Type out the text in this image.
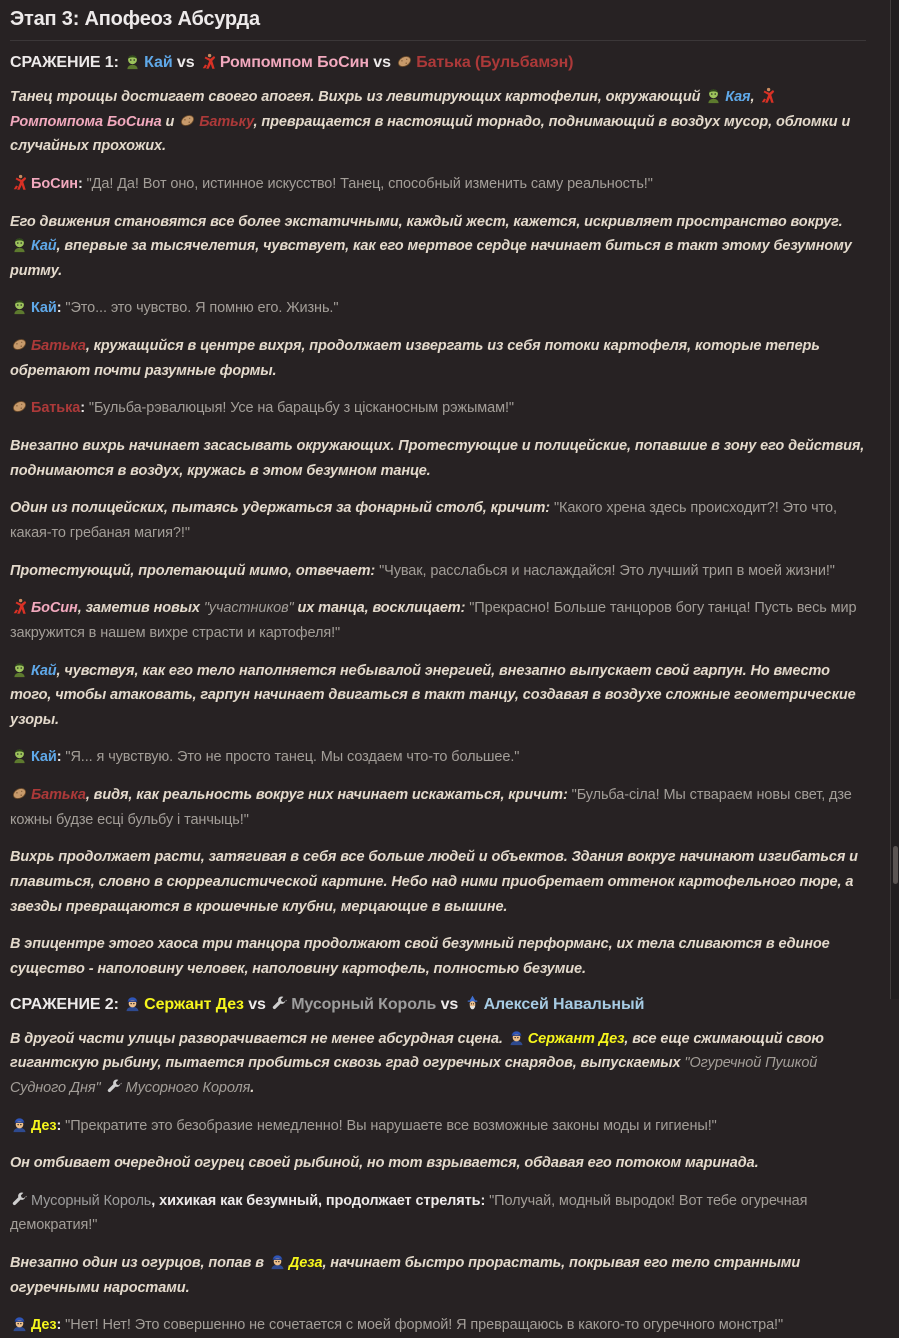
Этап 3: Апофеоз Абсурда
СРАЖЕНИЕ 1:
Кай vs
Ромпомпом БоСин vs
Батька (Бульбамэн)

Танец троицы достигает своего апогея. Вихрь из левитирующих картофелин, окружающий
Кая,
Ромпомпома БоСина и
Батьку, превращается в настоящий торнадо, поднимающий в воздух мусор, обломки и случайных прохожих.

БоСин: "Да! Да! Вот оно, истинное искусство! Танец, способный изменить саму реальность!"

Его движения становятся все более экстатичными, каждый жест, кажется, искривляет пространство вокруг.
Кай, впервые за тысячелетия, чувствует, как его мертвое сердце начинает биться в такт этому безумному ритму.

Кай: "Это... это чувство. Я помню его. Жизнь."

Батька, кружащийся в центре вихря, продолжает извергать из себя потоки картофеля, которые теперь обретают почти разумные формы.

Батька: "Бульба-рэвалюцыя! Усе на барацьбу з цісканосным рэжымам!"

Внезапно вихрь начинает засасывать окружающих. Протестующие и полицейские, попавшие в зону его действия, поднимаются в воздух, кружась в этом безумном танце.

Один из полицейских, пытаясь удержаться за фонарный столб, кричит: "Какого хрена здесь происходит?! Это что, какая-то гребаная магия?!"

Протестующий, пролетающий мимо, отвечает: "Чувак, расслабься и наслаждайся! Это лучший трип в моей жизни!"

БоСин, заметив новых "участников" их танца, восклицает: "Прекрасно! Больше танцоров богу танца! Пусть весь мир закружится в нашем вихре страсти и картофеля!"

Кай, чувствуя, как его тело наполняется небывалой энергией, внезапно выпускает свой гарпун. Но вместо того, чтобы атаковать, гарпун начинает двигаться в такт танцу, создавая в воздухе сложные геометрические узоры.

Кай: "Я... я чувствую. Это не просто танец. Мы создаем что-то большее."

Батька, видя, как реальность вокруг них начинает искажаться, кричит: "Бульба-сіла! Мы ствараем новы свет, дзе кожны будзе есці бульбу і танчыць!"

Вихрь продолжает расти, затягивая в себя все больше людей и объектов. Здания вокруг начинают изгибаться и плавиться, словно в сюрреалистической картине. Небо над ними приобретает оттенок картофельного пюре, а звезды превращаются в крошечные клубни, мерцающие в вышине.

В эпицентре этого хаоса три танцора продолжают свой безумный перформанс, их тела сливаются в единое существо - наполовину человек, наполовину картофель, полностью безумие.

СРАЖЕНИЕ 2:
Сержант Дез vs
Мусорный Король vs
Алексей Навальный

В другой части улицы разворачивается не менее абсурдная сцена.
Сержант Дез, все еще сжимающий свою гигантскую рыбину, пытается пробиться сквозь град огуречных снарядов, выпускаемых "Огуречной Пушкой Судного Дня"
Мусорного Короля.

Дез: "Прекратите это безобразие немедленно! Вы нарушаете все возможные законы моды и гигиены!"

Он отбивает очередной огурец своей рыбиной, но тот взрывается, обдавая его потоком маринада.

Мусорный Король, хихикая как безумный, продолжает стрелять: "Получай, модный выродок! Вот тебе огуречная демократия!"

Внезапно один из огурцов, попав в
Деза, начинает быстро прорастать, покрывая его тело странными огуречными наростами.

Дез: "Нет! Нет! Это совершенно не сочетается с моей формой! Я превращаюсь в какого-то огуречного монстра!"
